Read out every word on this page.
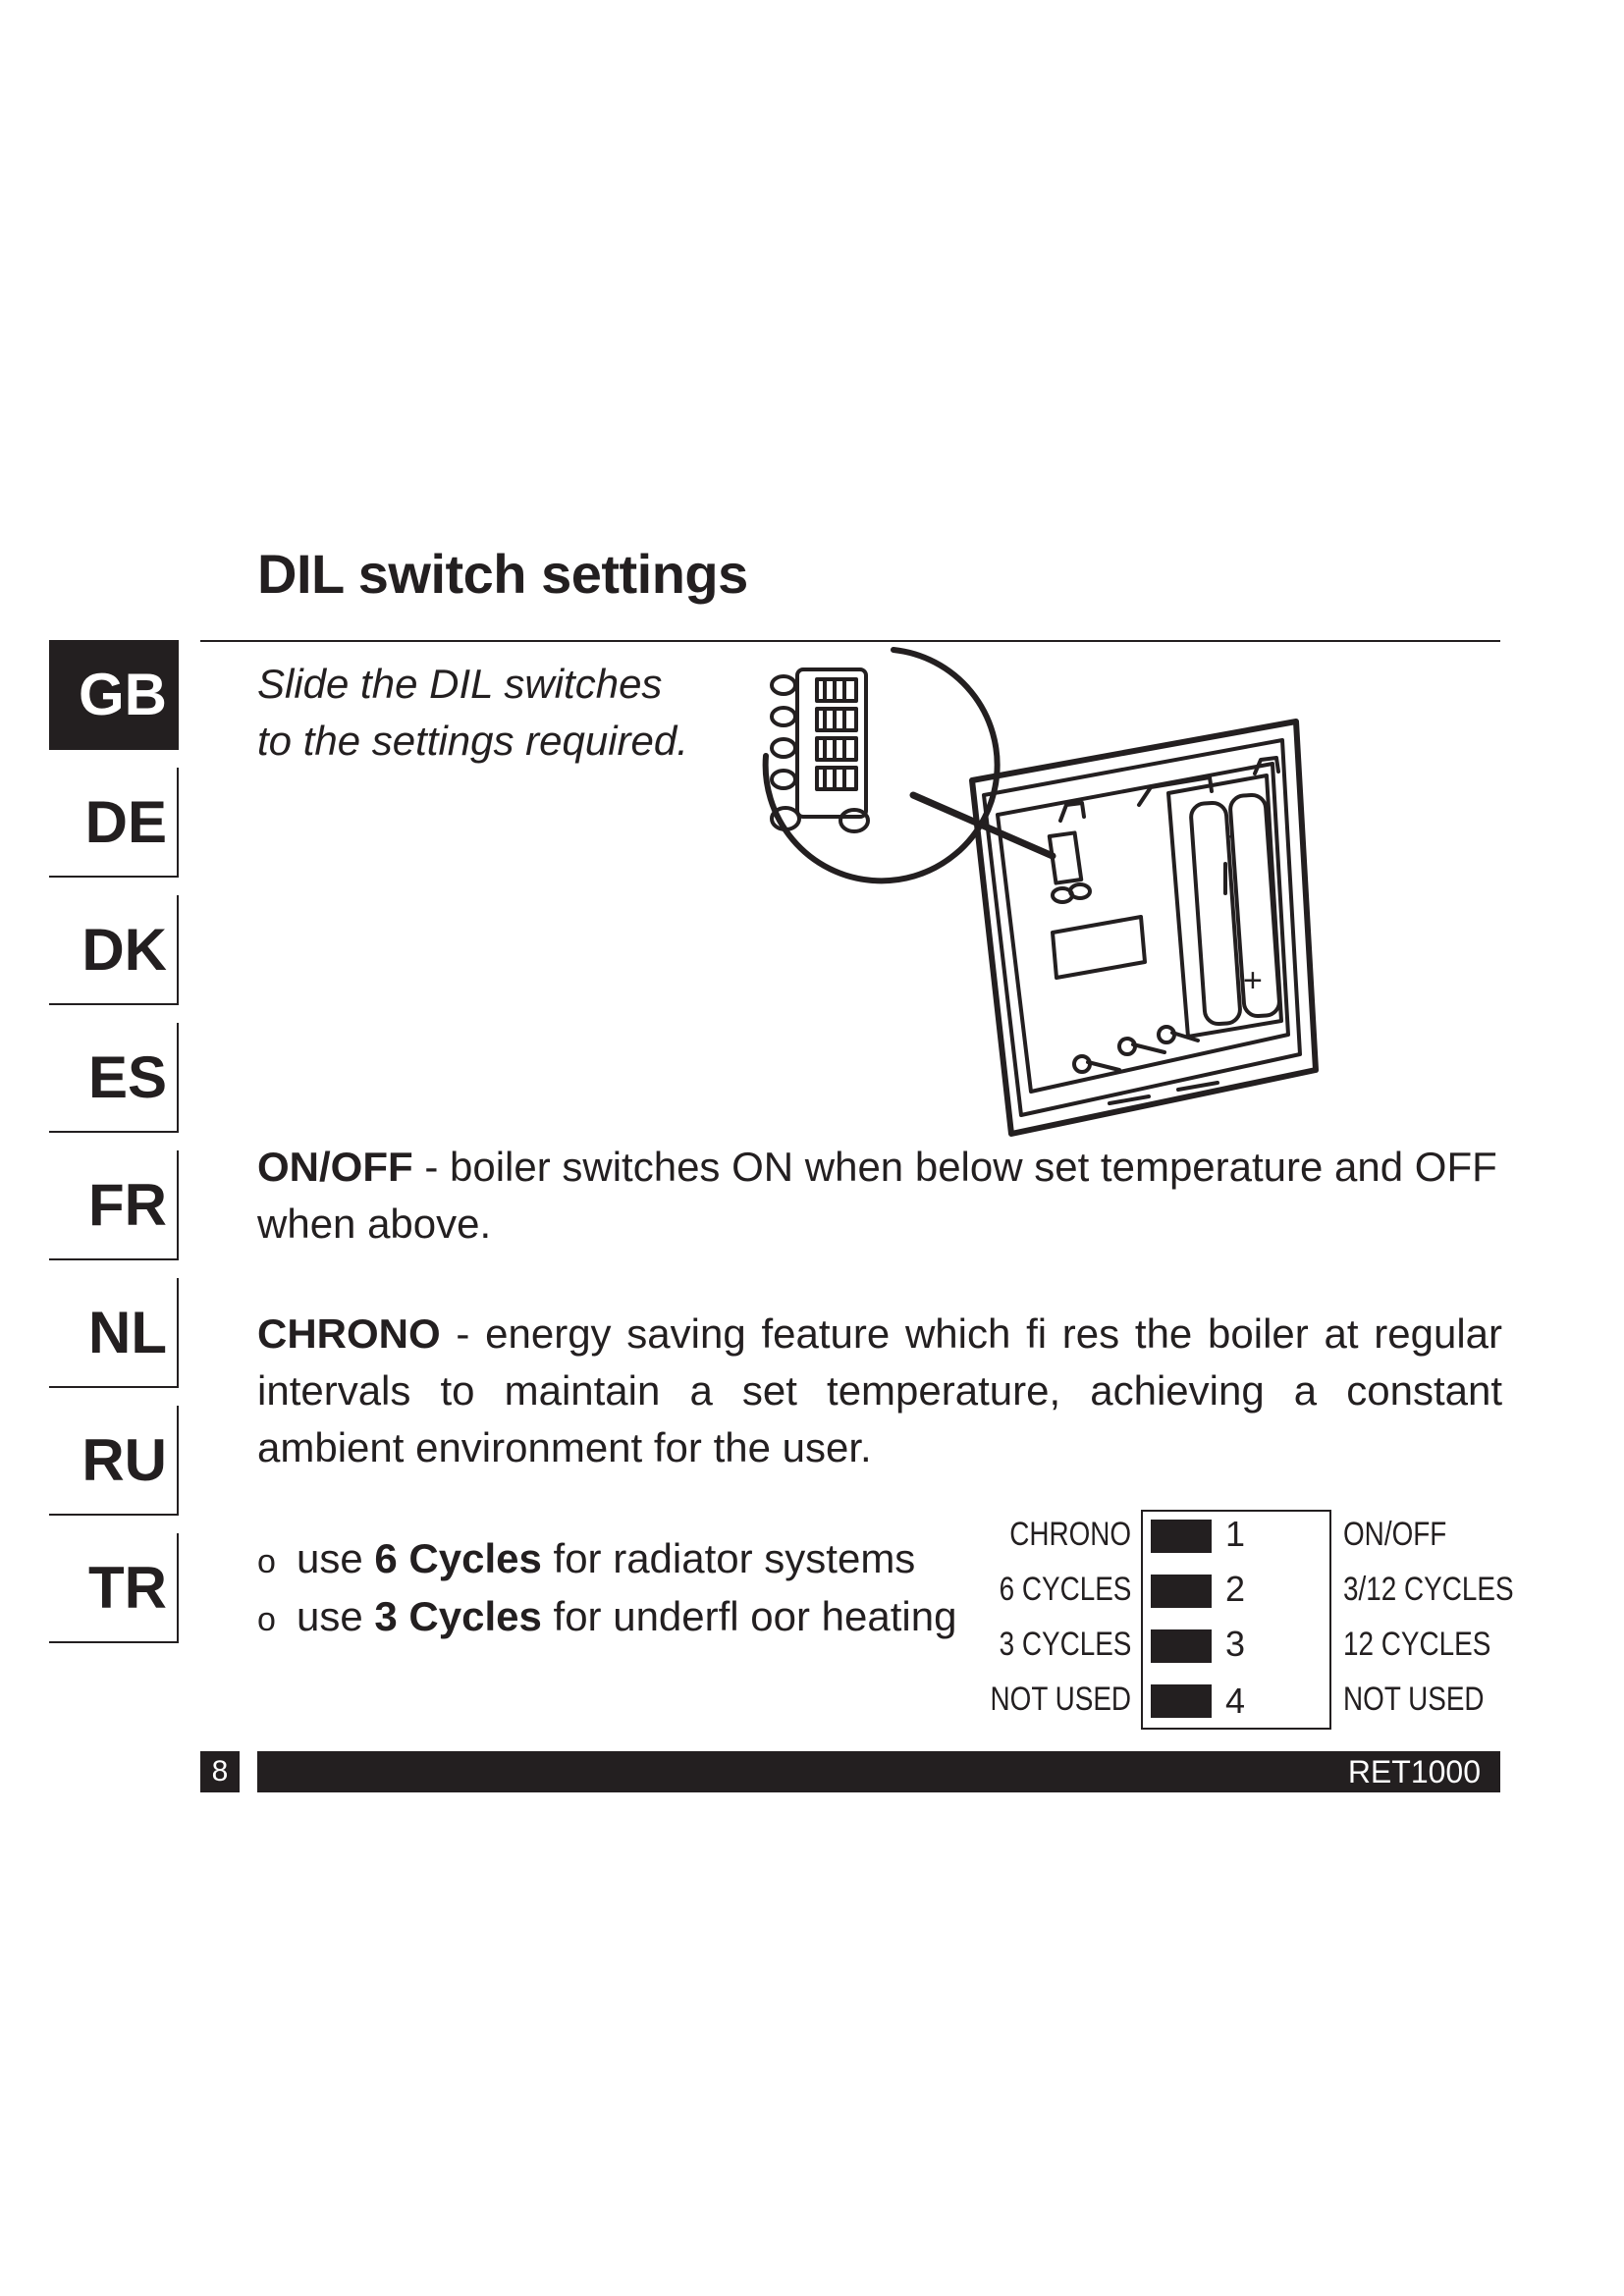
DIL switch settings
GB
DE
DK
ES
FR
NL
RU
TR
Slide the DIL switches
to the settings required.
-
+
ON/OFF - boiler switches ON when below set temperature and OFF when above.
CHRONO - energy saving feature which fi res the boiler at regular intervals to maintain a set temperature, achieving a constant ambient environment for the user.
o use 6 Cycles for radiator systems
o use 3 Cycles for underfl oor heating
CHRONO
6 CYCLES
3 CYCLES
NOT USED
1
2
3
4
ON/OFF
3/12 CYCLES
12 CYCLES
NOT USED
8	RET1000
